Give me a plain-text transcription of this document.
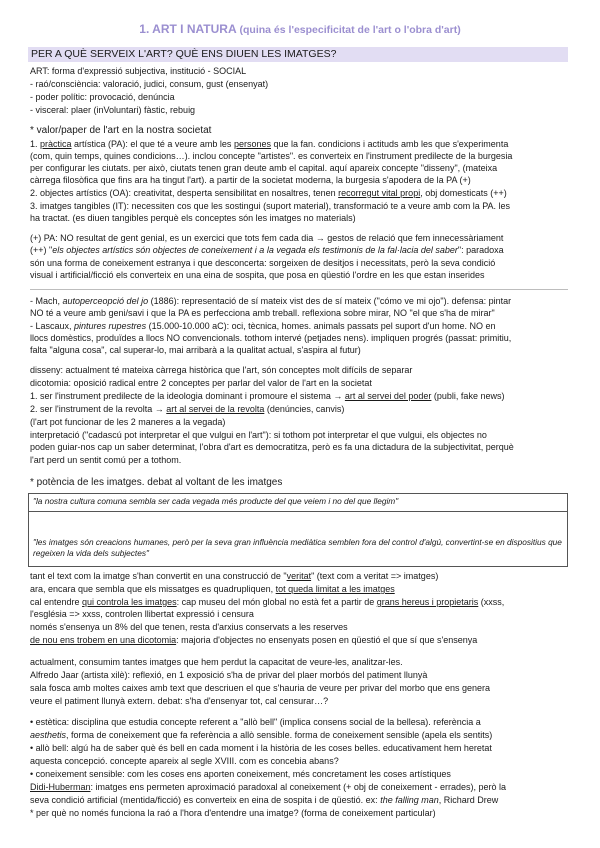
1. ART I NATURA (quina és l'especificitat de l'art o l'obra d'art)
PER A QUÈ SERVEIX L'ART? QUÈ ENS DIUEN LES IMATGES?
ART: forma d'expressió subjectiva, institució - SOCIAL
- raó/consciència: valoració, judici, consum, gust (ensenyat)
- poder polític: provocació, denúncia
- visceral: plaer (inVoluntari) fàstic, rebuig
* valor/paper de l'art en la nostra societat
1. pràctica artística (PA): el que té a veure amb les persones que la fan. condicions i actituds amb les que s'experimenta
(com, quin temps, quines condicions…). inclou concepte "artistes". es converteix en l'instrument predilecte de la burgesia
per configurar les ciutats. per això, ciutats tenen gran deute amb el capital. aquí apareix concepte "disseny", (mateixa
càrrega filosòfica que fins ara ha tingut l'art). a partir de la societat moderna, la burgesia s'apodera de la PA (+)
2. objectes artístics (OA): creativitat, desperta sensibilitat en nosaltres, tenen recorregut vital propi, obj domesticats (++)
3. imatges tangibles (IT): necessiten cos que les sostingui (suport material), transformació te a veure amb com la PA. les
ha tractat. (es diuen tangibles perquè els conceptes són les imatges no materials)
(+) PA: NO resultat de gent genial, es un exercici que tots fem cada dia → gestos de relació que fem innecessàriament
(++) "els objectes artístics són objectes de coneixement i a la vegada els testimonis de la fal·lacia del saber": paradoxa
són una forma de coneixement estranya i que desconcerta: sorgeixen de desitjos i necessitats, però la seva condició
visual i artificial/ficció els converteix en una eina de sospita, que posa en qüestió l'ordre en les que estan inserides
- Mach, autoperceopció del jo (1886): representació de sí mateix vist des de sí mateix ("cómo ve mi ojo"). defensa: pintar
NO té a veure amb geni/savi i que la PA es perfecciona amb treball. reflexiona sobre mirar, NO "el que s'ha de mirar"
- Lascaux, pintures rupestres (15.000-10.000 aC): oci, tècnica, homes. animals passats pel suport d'un home. NO en
llocs domèstics, produïdes a llocs NO convencionals. tothom intervé (petjades nens). impliquen progrés (passat: primitiu,
falta "alguna cosa", cal superar-lo, mai arribarà a la qualitat actual, s'aspira al futur)
disseny: actualment té mateixa càrrega històrica que l'art, són conceptes molt difícils de separar
dicotomia: oposició radical entre 2 conceptes per parlar del valor de l'art en la societat
1. ser l'instrument predilecte de la ideologia dominant i promoure el sistema → art al servei del poder (publi, fake news)
2. ser l'instrument de la revolta → art al servei de la revolta (denúncies, canvis)
(l'art pot funcionar de les 2 maneres a la vegada)
interpretació ("cadascú pot interpretar el que vulgui en l'art"): si tothom pot interpretar el que vulgui, els objectes no
poden guiar-nos cap un saber determinat, l'obra d'art es democratitza, però es fa una dictadura de la subjectivitat, perquè
l'art perd un sentit comú per a tothom.
* potència de les imatges. debat al voltant de les imatges
"la nostra cultura comuna sembla ser cada vegada més producte del que veiem i no del que llegim"
"les imatges són creacions humanes, però per la seva gran influència mediàtica semblen fora del control d'algú, convertint-se en dispositius que regeixen la vida dels subjectes"
tant el text com la imatge s'han convertit en una construcció de "veritat" (text com a veritat => imatges)
ara, encara que sembla que els missatges es quadrupliquen, tot queda limitat a les imatges
cal entendre qui controla les imatges: cap museu del món global no està fet a partir de grans hereus i propietaris (xxss,
l'església => xxss, controlen llibertat expressió i censura
només s'ensenya un 8% del que tenen, resta d'arxius conservats a les reserves
de nou ens trobem en una dicotomia: majoria d'objectes no ensenyats posen en qüestió el que sí que s'ensenya
actualment, consumim tantes imatges que hem perdut la capacitat de veure-les, analitzar-les.
Alfredo Jaar (artista xilè): reflexió, en 1 exposició s'ha de privar del plaer morbós del patiment llunyà
sala fosca amb moltes caixes amb text que descriuen el que s'hauria de veure per privar del morbo que ens genera
veure el patiment llunyà extern. debat: s'ha d'ensenyar tot, cal censurar…?
• estètica: disciplina que estudia concepte referent a "allò bell" (implica consens social de la bellesa). referència a
aesthetis, forma de coneixement que fa referència a allò sensible. forma de coneixement sensible (apela els sentits)
• allò bell: algú ha de saber què és bell en cada moment i la història de les coses belles. educativament hem heretat
aquesta concepció. concepte apareix al segle XVIII. com es concebia abans?
• coneixement sensible: com les coses ens aporten coneixement, més concretament les coses artístiques
Didi-Huberman: imatges ens permeten aproximació paradoxal al coneixement (+ obj de coneixement - errades), però la
seva condició artificial (mentida/ficció) es converteix en eina de sospita i de qüestió. ex: the falling man, Richard Drew
* per què no només funciona la raó a l'hora d'entendre una imatge? (forma de coneixement particular)
